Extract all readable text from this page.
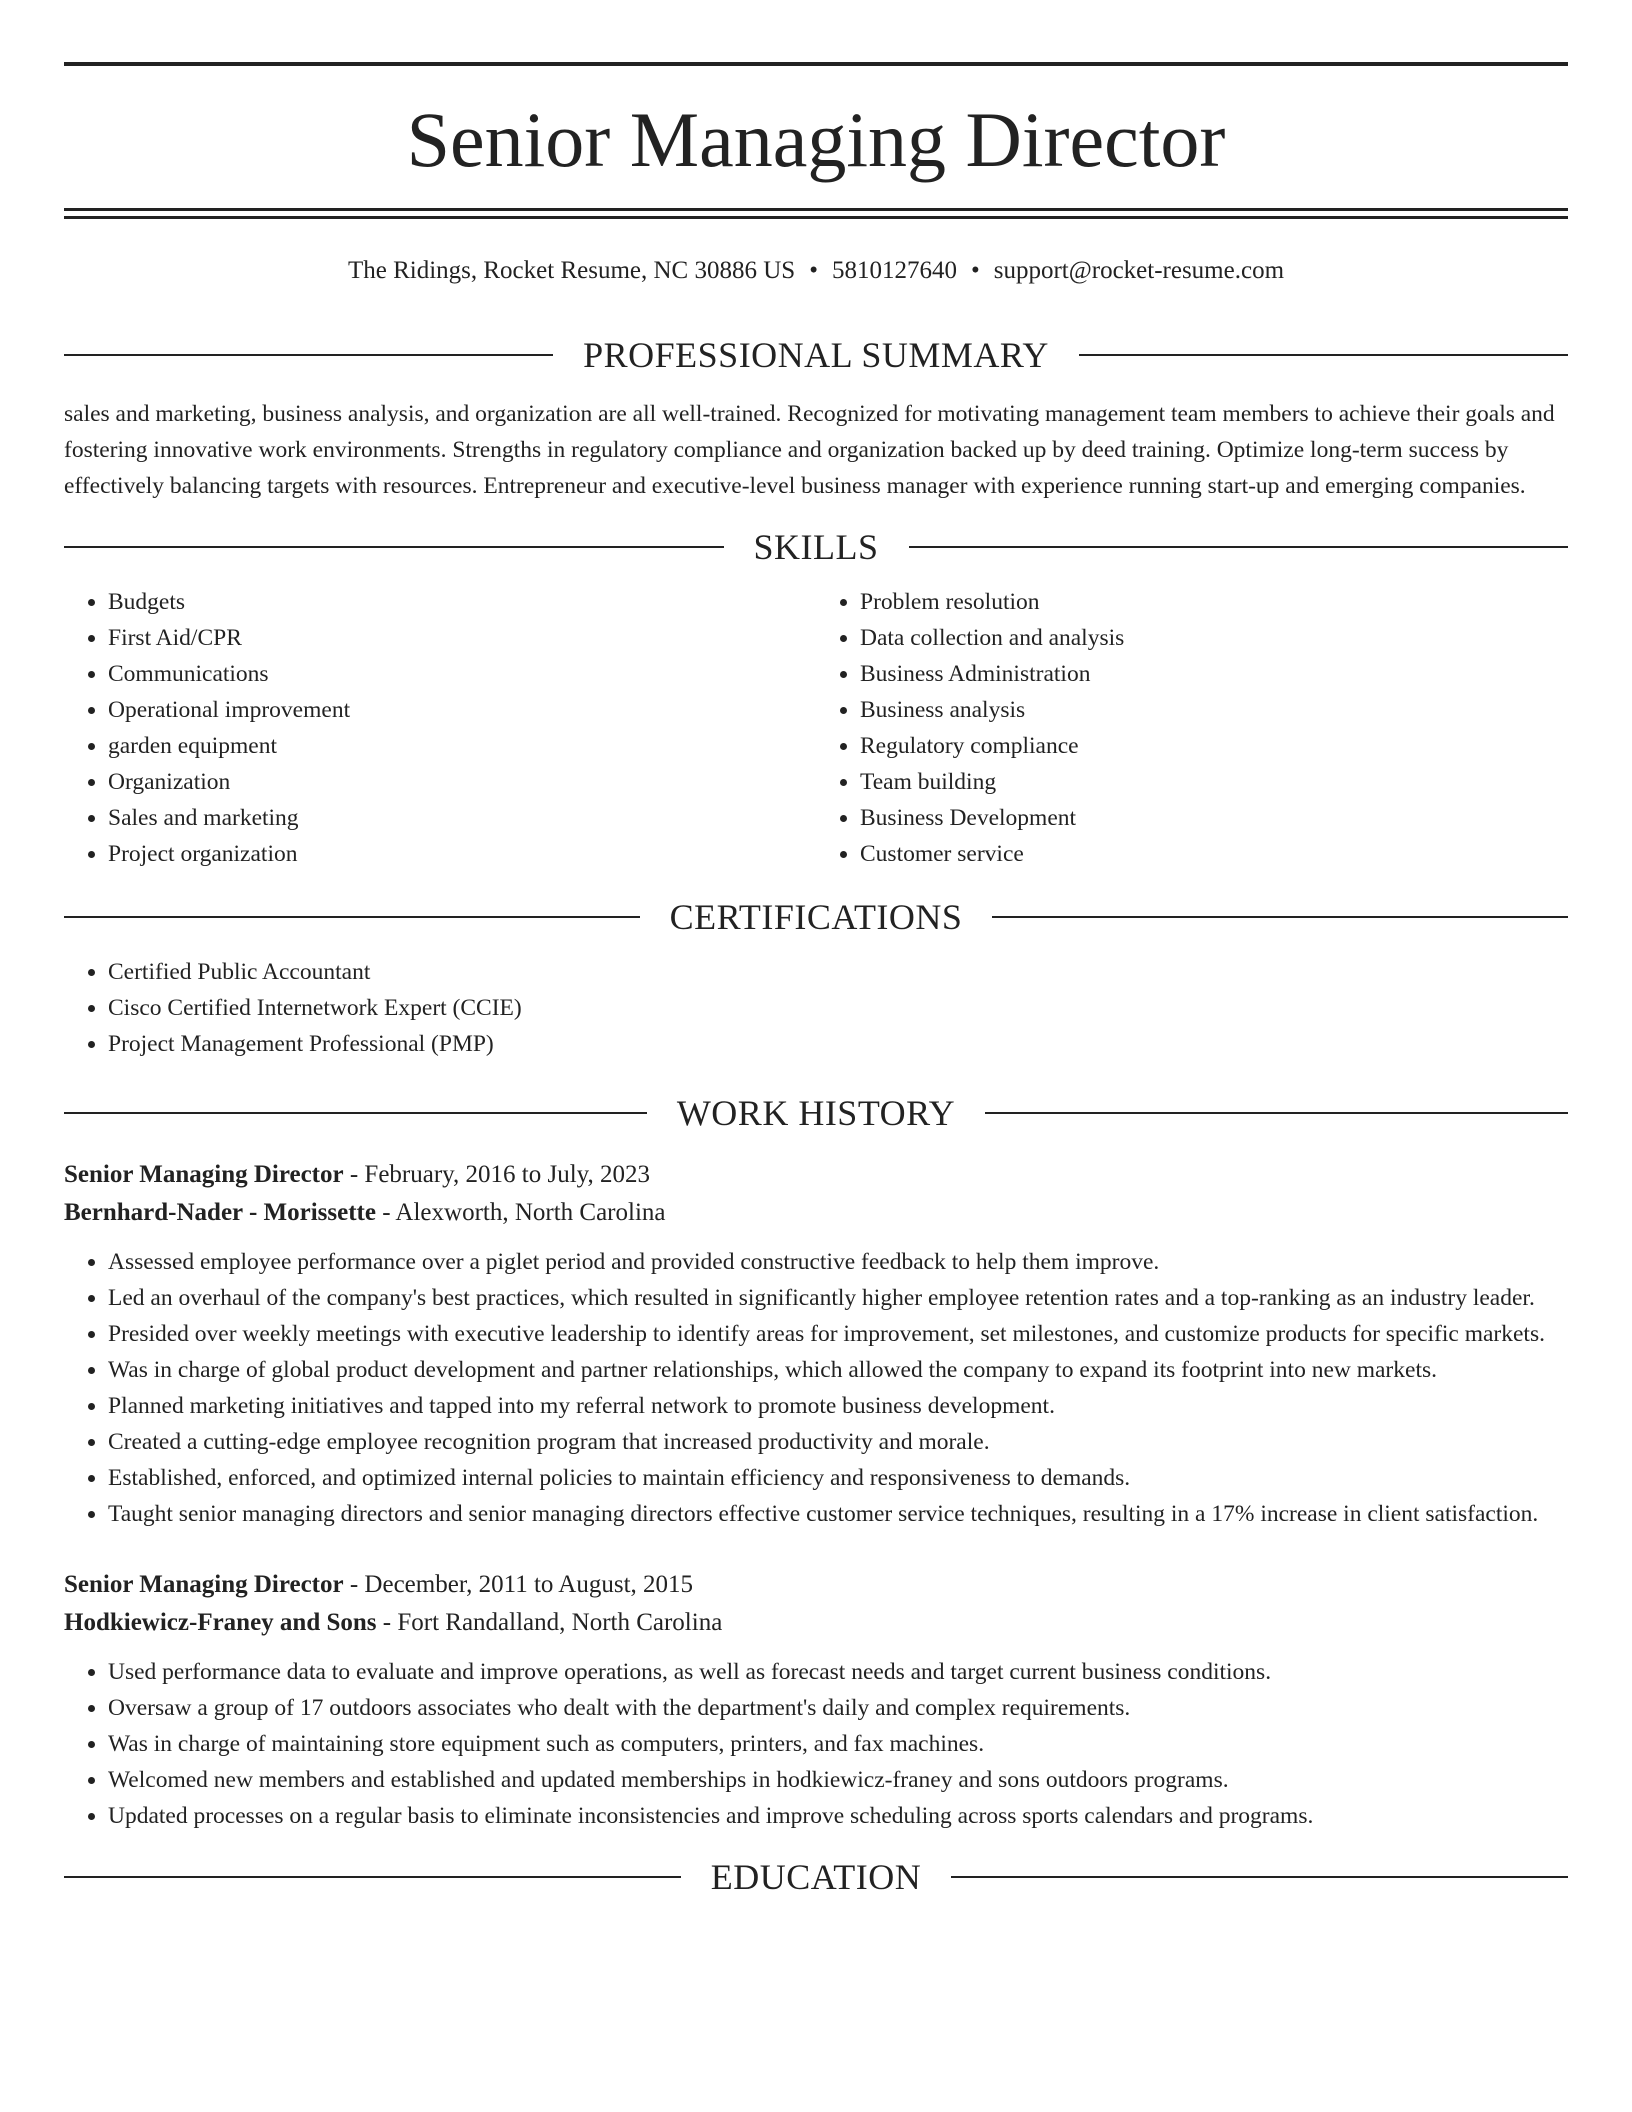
Senior Managing Director
The Ridings, Rocket Resume, NC 30886 US • 5810127640 • support@rocket-resume.com
PROFESSIONAL SUMMARY

sales and marketing, business analysis, and organization are all well-trained. Recognized for motivating management team members to achieve their goals and fostering innovative work environments. Strengths in regulatory compliance and organization backed up by deed training. Optimize long-term success by effectively balancing targets with resources. Entrepreneur and executive-level business manager with experience running start-up and emerging companies.

SKILLS
• Budgets
• First Aid/CPR
• Communications
• Operational improvement
• garden equipment
• Organization
• Sales and marketing
• Project organization
• Problem resolution
• Data collection and analysis
• Business Administration
• Business analysis
• Regulatory compliance
• Team building
• Business Development
• Customer service
CERTIFICATIONS
• Certified Public Accountant
• Cisco Certified Internetwork Expert (CCIE)
• Project Management Professional (PMP)
WORK HISTORY
Senior Managing Director - February, 2016 to July, 2023
Bernhard-Nader - Morissette - Alexworth, North Carolina
• Assessed employee performance over a piglet period and provided constructive feedback to help them improve.
• Led an overhaul of the company's best practices, which resulted in significantly higher employee retention rates and a top-ranking as an industry leader.
• Presided over weekly meetings with executive leadership to identify areas for improvement, set milestones, and customize products for specific markets.
• Was in charge of global product development and partner relationships, which allowed the company to expand its footprint into new markets.
• Planned marketing initiatives and tapped into my referral network to promote business development.
• Created a cutting-edge employee recognition program that increased productivity and morale.
• Established, enforced, and optimized internal policies to maintain efficiency and responsiveness to demands.
• Taught senior managing directors and senior managing directors effective customer service techniques, resulting in a 17% increase in client satisfaction.
Senior Managing Director - December, 2011 to August, 2015
Hodkiewicz-Franey and Sons - Fort Randalland, North Carolina
• Used performance data to evaluate and improve operations, as well as forecast needs and target current business conditions.
• Oversaw a group of 17 outdoors associates who dealt with the department's daily and complex requirements.
• Was in charge of maintaining store equipment such as computers, printers, and fax machines.
• Welcomed new members and established and updated memberships in hodkiewicz-franey and sons outdoors programs.
• Updated processes on a regular basis to eliminate inconsistencies and improve scheduling across sports calendars and programs.
EDUCATION
